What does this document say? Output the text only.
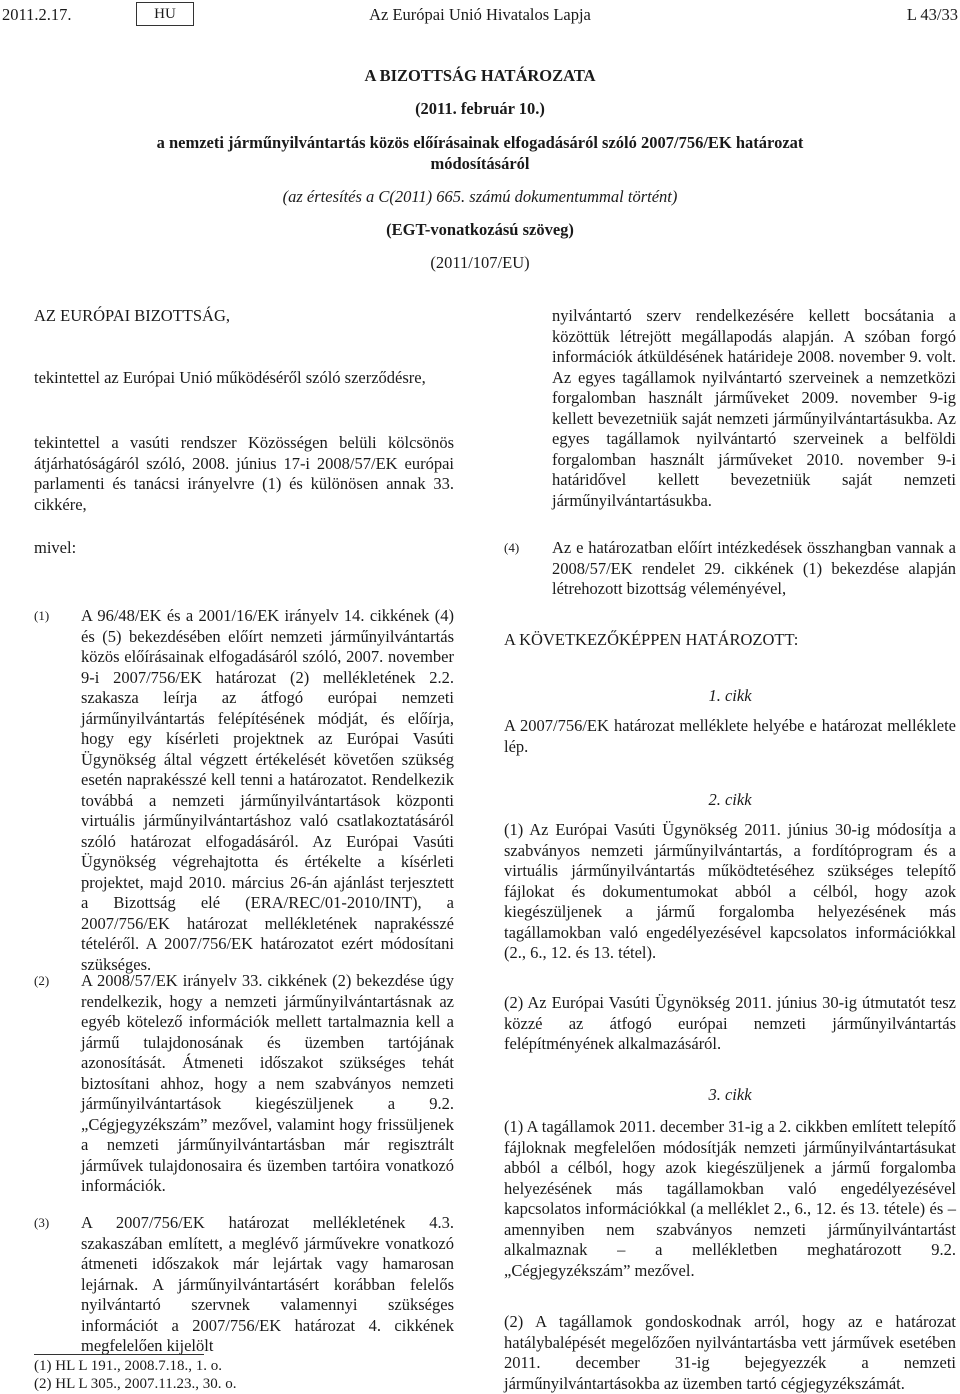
2011.2.17.	HU	Az Európai Unió Hivatalos Lapja	L 43/33
A BIZOTTSÁG HATÁROZATA
(2011. február 10.)
a nemzeti járműnyilvántartás közös előírásainak elfogadásáról szóló 2007/756/EK határozat
módosításáról
(az értesítés a C(2011) 665. számú dokumentummal történt)
(EGT-vonatkozású szöveg)
(2011/107/EU)
AZ EURÓPAI BIZOTTSÁG,
tekintettel az Európai Unió működéséről szóló szerződésre,

tekintettel a vasúti rendszer Közösségen belüli kölcsönös átjárhatóságáról szóló, 2008. június 17-i 2008/57/EK európai parlamenti és tanácsi irányelvre (1) és különösen annak 33. cikkére,

mivel:
(1) A 96/48/EK és a 2001/16/EK irányelv 14. cikkének (4) és (5) bekezdésében előírt nemzeti járműnyilvántartás közös előírásainak elfogadásáról szóló, 2007. november 9-i 2007/756/EK határozat (2) mellékletének 2.2. szakasza leírja az átfogó európai nemzeti járműnyilvántartás felépítésének módját, és előírja, hogy egy kísérleti projektnek az Európai Vasúti Ügynökség által végzett értékelését követően szükség esetén naprakésszé kell tenni a határozatot. Rendelkezik továbbá a nemzeti járműnyilvántartások központi virtuális járműnyilvántartáshoz való csatlakoztatásáról szóló határozat elfogadásáról. Az Európai Vasúti Ügynökség végrehajtotta és értékelte a kísérleti projektet, majd 2010. március 26-án ajánlást terjesztett a Bizottság elé (ERA/REC/01-2010/INT), a 2007/756/EK határozat mellékletének naprakésszé tételéről. A 2007/756/EK határozatot ezért módosítani szükséges.

(2) A 2008/57/EK irányelv 33. cikkének (2) bekezdése úgy rendelkezik, hogy a nemzeti járműnyilvántartásnak az egyéb kötelező információk mellett tartalmaznia kell a jármű tulajdonosának és üzemben tartójának azonosítását. Átmeneti időszakot szükséges tehát biztosítani ahhoz, hogy a nem szabványos nemzeti járműnyilvántartások kiegészüljenek a 9.2. „Cégjegyzékszám” mezővel, valamint hogy frissüljenek a nemzeti járműnyilvántartásban már regisztrált járművek tulajdonosaira és üzemben tartóira vonatkozó információk.

(3) A 2007/756/EK határozat mellékletének 4.3. szakaszában említett, a meglévő járművekre vonatkozó átmeneti időszakok már lejártak vagy hamarosan lejárnak. A járműnyilvántartásért korábban felelős nyilvántartó szervnek valamennyi szükséges információt a 2007/756/EK határozat 4. cikkének megfelelően kijelölt

(1) HL L 191., 2008.7.18., 1. o.
(2) HL L 305., 2007.11.23., 30. o.

nyilvántartó szerv rendelkezésére kellett bocsátania a közöttük létrejött megállapodás alapján. A szóban forgó információk átküldésének határideje 2008. november 9. volt. Az egyes tagállamok nyilvántartó szerveinek a nemzetközi forgalomban használt járműveket 2009. november 9-ig kellett bevezetniük saját nemzeti járműnyilvántartásukba. Az egyes tagállamok nyilvántartó szerveinek a belföldi forgalomban használt járműveket 2010. november 9-i határidővel kellett bevezetniük saját nemzeti járműnyilvántartásukba.

(4) Az e határozatban előírt intézkedések összhangban vannak a 2008/57/EK rendelet 29. cikkének (1) bekezdése alapján létrehozott bizottság véleményével,

A KÖVETKEZŐKÉPPEN HATÁROZOTT:
1. cikk

A 2007/756/EK határozat melléklete helyébe e határozat melléklete lép.

2. cikk

(1) Az Európai Vasúti Ügynökség 2011. június 30-ig módosítja a szabványos nemzeti járműnyilvántartás, a fordítóprogram és a virtuális járműnyilvántartás működtetéséhez szükséges telepítő fájlokat és dokumentumokat abból a célból, hogy azok kiegészüljenek a jármű forgalomba helyezésének más tagállamokban való engedélyezésével kapcsolatos információkkal (2., 6., 12. és 13. tétel).

(2) Az Európai Vasúti Ügynökség 2011. június 30-ig útmutatót tesz közzé az átfogó európai nemzeti járműnyilvántartás felépítményének alkalmazásáról.

3. cikk

(1) A tagállamok 2011. december 31-ig a 2. cikkben említett telepítő fájloknak megfelelően módosítják nemzeti járműnyilvántartásukat abból a célból, hogy azok kiegészüljenek a jármű forgalomba helyezésének más tagállamokban való engedélyezésével kapcsolatos információkkal (a melléklet 2., 6., 12. és 13. tétele) és – amennyiben nem szabványos nemzeti járműnyilvántartást alkalmaznak – a mellékletben meghatározott 9.2. „Cégjegyzékszám” mezővel.

(2) A tagállamok gondoskodnak arról, hogy az e határozat hatálybalépését megelőzően nyilvántartásba vett járművek esetében 2011. december 31-ig bejegyezzék a nemzeti járműnyilvántartásokba az üzemben tartó cégjegyzékszámát.
